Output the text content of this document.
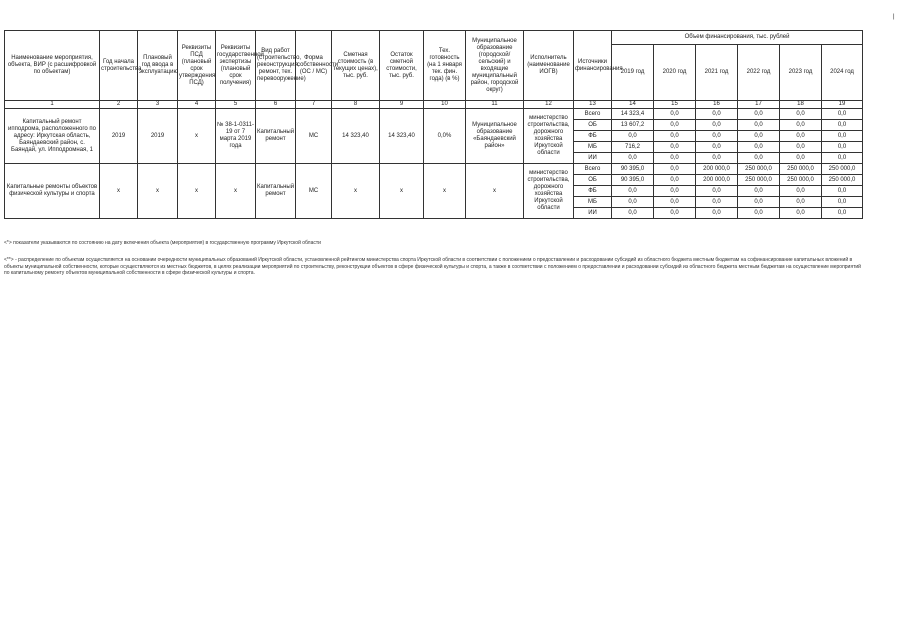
|
Наименование мероприятия, объекта, ВИР (с расшифровкой по объектам)	Год начала строительства	Плановый год ввода в эксплуатацию	Реквизиты ПСД (плановый срок утверждения ПСД)	Реквизиты государственной экспертизы (плановый срок получения)	Вид работ (строительство, реконструкция, ремонт, тех. перевооружение)	Форма собственности (ОС / МС)	Сметная стоимость (в текущих ценах), тыс. руб.	Остаток сметной стоимости, тыс. руб.	Тех. готовность (на 1 января тек. фин. года) (в %)	Муниципальное образование (городской/сельский) и входящие муниципальный район, городской округ)	Исполнитель (наименование ИОГВ)	Источники финансирования	Объем финансирования, тыс. рублей					
													2019 год	2020 год	2021 год	2022 год	2023 год	2024 год
1	2	3	4	5	6	7	8	9	10	11	12	13	14	15	16	17	18	19
Капитальный ремонт ипподрома, расположенного по адресу: Иркутская область, Баяндаевский район, с. Баяндай, ул. Ипподромная, 1	2019	2019	x	№ 38-1-0311-19 от 7 марта 2019 года	Капитальный ремонт	МС	14 323,40	14 323,40	0,0%	Муниципальное образование «Баяндаевский район»	министерство строительства, дорожного хозяйства Иркутской области	Всего	14 323,4	0,0	0,0	0,0	0,0	0,0
												ОБ	13 607,2	0,0	0,0	0,0	0,0	0,0
												ФБ	0,0	0,0	0,0	0,0	0,0	0,0
												МБ	716,2	0,0	0,0	0,0	0,0	0,0
												ИИ	0,0	0,0	0,0	0,0	0,0	0,0
Капитальные ремонты объектов физической культуры и спорта	x	x	x	x	Капитальный ремонт	МС	x	x	x	x	министерство строительства, дорожного хозяйства Иркутской области	Всего	90 395,0	0,0	200 000,0	250 000,0	250 000,0	250 000,0
												ОБ	90 395,0	0,0	200 000,0	250 000,0	250 000,0	250 000,0
												ФБ	0,0	0,0	0,0	0,0	0,0	0,0
												МБ	0,0	0,0	0,0	0,0	0,0	0,0
												ИИ	0,0	0,0	0,0	0,0	0,0	0,0
<*> показатели указываются по состоянию на дату включения объекта (мероприятия) в государственную программу Иркутской области
<**> - распределение по объектам осуществляется на основании очередности муниципальных образований Иркутской области, установленной рейтингом министерства спорта Иркутской области в соответствии с положением о предоставлении и расходовании субсидий из областного бюджета местным бюджетам на софинансирование капитальных вложений в объекты муниципальной собственности, которые осуществляются из местных бюджетов, в целях реализации мероприятий по строительству, реконструкции объектов в сфере физической культуры и спорта, а также в соответствии с положением о предоставлении и расходовании субсидий из областного бюджета местным бюджетам на осуществление мероприятий по капитальному ремонту объектов муниципальной собственности в сфере физической культуры и спорта.
